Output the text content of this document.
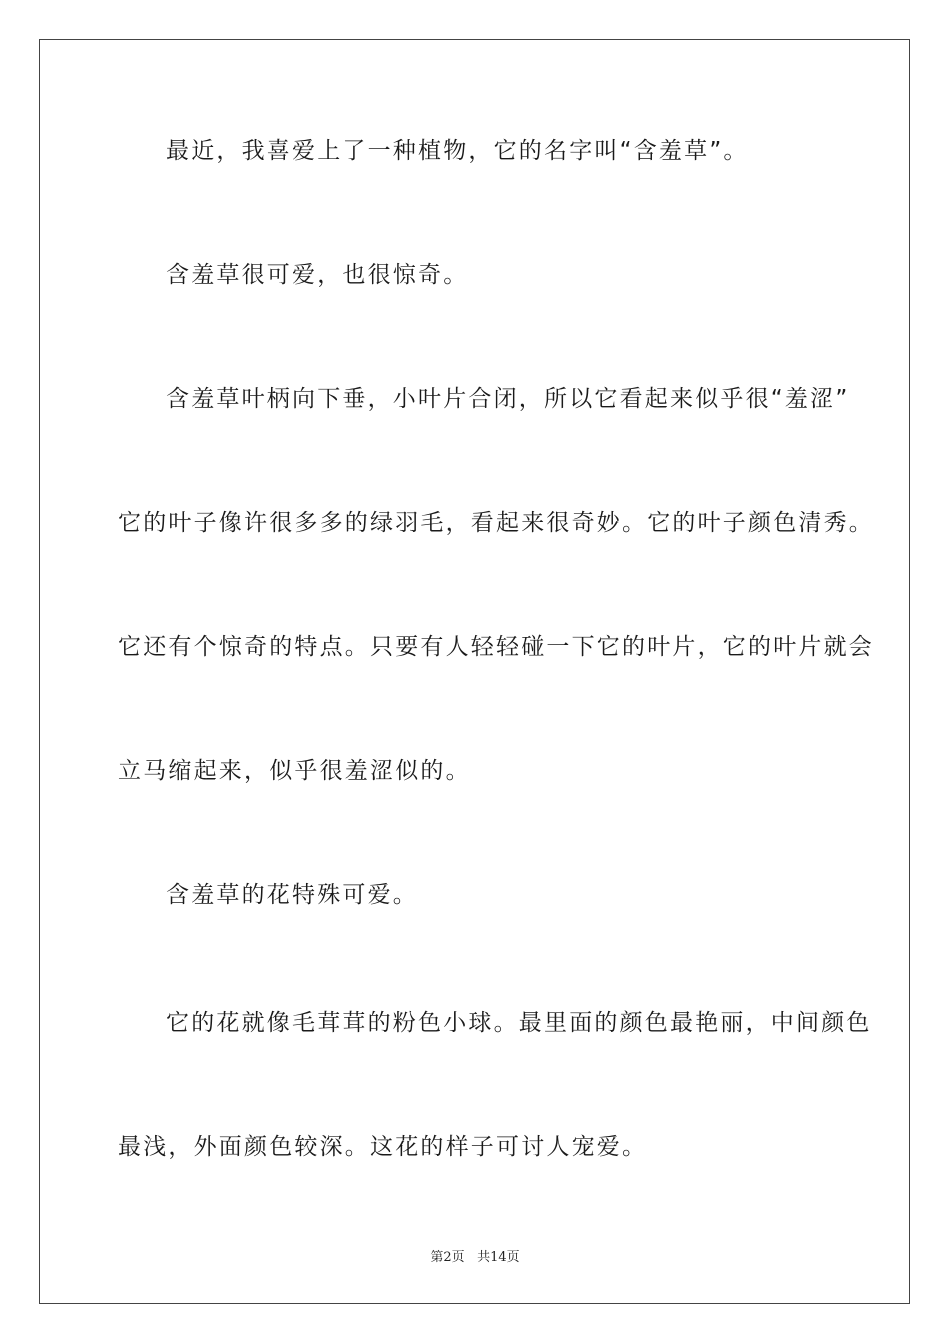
最近，我喜爱上了一种植物，它的名字叫“含羞草”。
含羞草很可爱，也很惊奇。
含羞草叶柄向下垂，小叶片合闭，所以它看起来似乎很“羞涩”
它的叶子像许很多多的绿羽毛，看起来很奇妙。它的叶子颜色清秀。
它还有个惊奇的特点。只要有人轻轻碰一下它的叶片，它的叶片就会
立马缩起来，似乎很羞涩似的。
含羞草的花特殊可爱。
它的花就像毛茸茸的粉色小球。最里面的颜色最艳丽，中间颜色
最浅，外面颜色较深。这花的样子可讨人宠爱。
第2页 共14页
